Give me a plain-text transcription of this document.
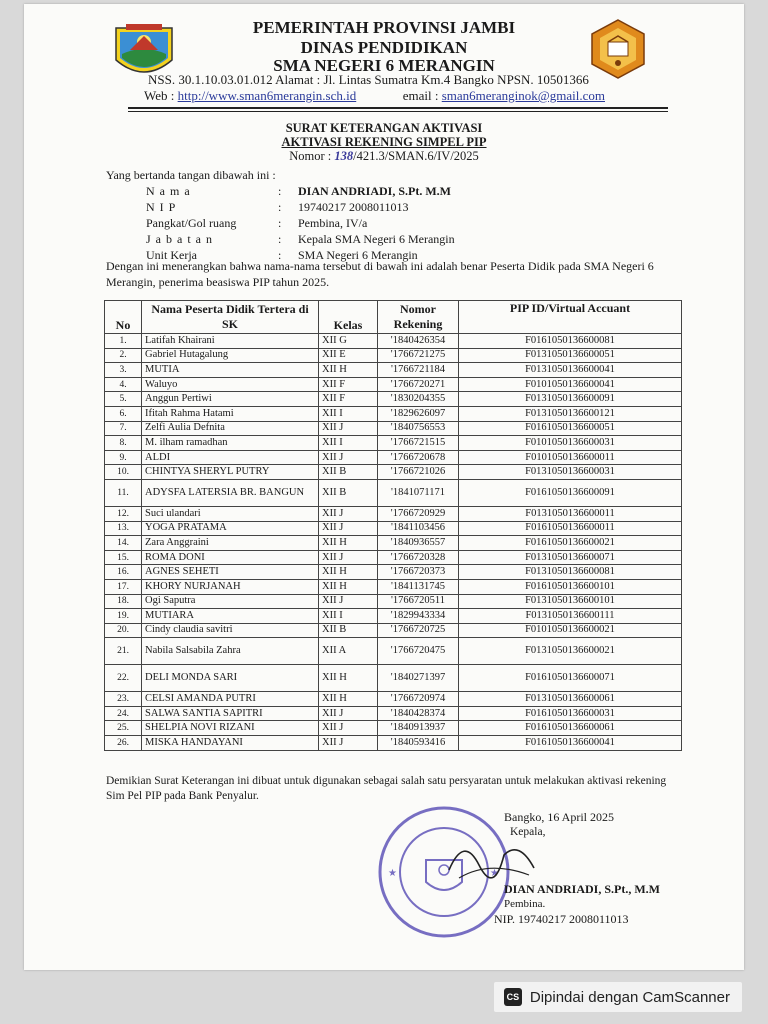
PEMERINTAH PROVINSI JAMBI
DINAS PENDIDIKAN
SMA NEGERI 6 MERANGIN
NSS. 30.1.10.03.01.012 Alamat : Jl. Lintas Sumatra Km.4 Bangko NPSN. 10501366
Web : http://www.sman6merangin.sch.id	email : sman6meranginok@gmail.com
SURAT KETERANGAN AKTIVASI
AKTIVASI REKENING SIMPEL PIP
Nomor : 138/421.3/SMAN.6/IV/2025
Yang bertanda tangan dibawah ini :
N a m a	: DIAN ANDRIADI, S.Pt. M.M
N I P	: 19740217 2008011013
Pangkat/Gol ruang	: Pembina, IV/a
J a b a t a n	: Kepala SMA Negeri 6 Merangin
Unit Kerja	: SMA Negeri 6 Merangin
Dengan ini menerangkan bahwa nama-nama tersebut di bawah ini adalah benar Peserta Didik pada SMA Negeri 6 Merangin, penerima beasiswa PIP tahun 2025.
No	Nama Peserta Didik Tertera di SK	Kelas	Nomor Rekening	PIP ID/Virtual Accuant
1.	Latifah Khairani	XII G	'1840426354	F0161050136600081
2.	Gabriel Hutagalung	XII E	'1766721275	F0131050136600051
3.	MUTIA	XII H	'1766721184	F0131050136600041
4.	Waluyo	XII F	'1766720271	F0101050136600041
5.	Anggun Pertiwi	XII F	'1830204355	F0131050136600091
6.	Ifitah Rahma Hatami	XII I	'1829626097	F0131050136600121
7.	Zelfi Aulia Defnita	XII J	'1840756553	F0161050136600051
8.	M. ilham ramadhan	XII I	'1766721515	F0101050136600031
9.	ALDI	XII J	'1766720678	F0101050136600011
10.	CHINTYA SHERYL PUTRY	XII B	'1766721026	F0131050136600031
11.	ADYSFA LATERSIA BR. BANGUN	XII B	'1841071171	F0161050136600091
12.	Suci ulandari	XII J	'1766720929	F0131050136600011
13.	YOGA PRATAMA	XII J	'1841103456	F0161050136600011
14.	Zara Anggraini	XII H	'1840936557	F0161050136600021
15.	ROMA DONI	XII J	'1766720328	F0131050136600071
16.	AGNES SEHETI	XII H	'1766720373	F0131050136600081
17.	KHORY NURJANAH	XII H	'1841131745	F0161050136600101
18.	Ogi Saputra	XII J	'1766720511	F0131050136600101
19.	MUTIARA	XII I	'1829943334	F0131050136600111
20.	Cindy claudia savitri	XII B	'1766720725	F0101050136600021
21.	Nabila Salsabila Zahra	XII A	'1766720475	F0131050136600021
22.	DELI MONDA SARI	XII H	'1840271397	F0161050136600071
23.	CELSI AMANDA PUTRI	XII H	'1766720974	F0131050136600061
24.	SALWA SANTIA SAPITRI	XII J	'1840428374	F0161050136600031
25.	SHELPIA NOVI RIZANI	XII J	'1840913937	F0161050136600061
26.	MISKA HANDAYANI	XII J	'1840593416	F0161050136600041
Demikian Surat Keterangan ini dibuat untuk digunakan sebagai salah satu persyaratan untuk melakukan aktivasi rekening Sim Pel PIP pada Bank Penyalur.
★	★
Bangko, 16 April 2025
Kepala,
DIAN ANDRIADI, S.Pt., M.M
Pembina.
NIP. 19740217 2008011013
CS Dipindai dengan CamScanner
